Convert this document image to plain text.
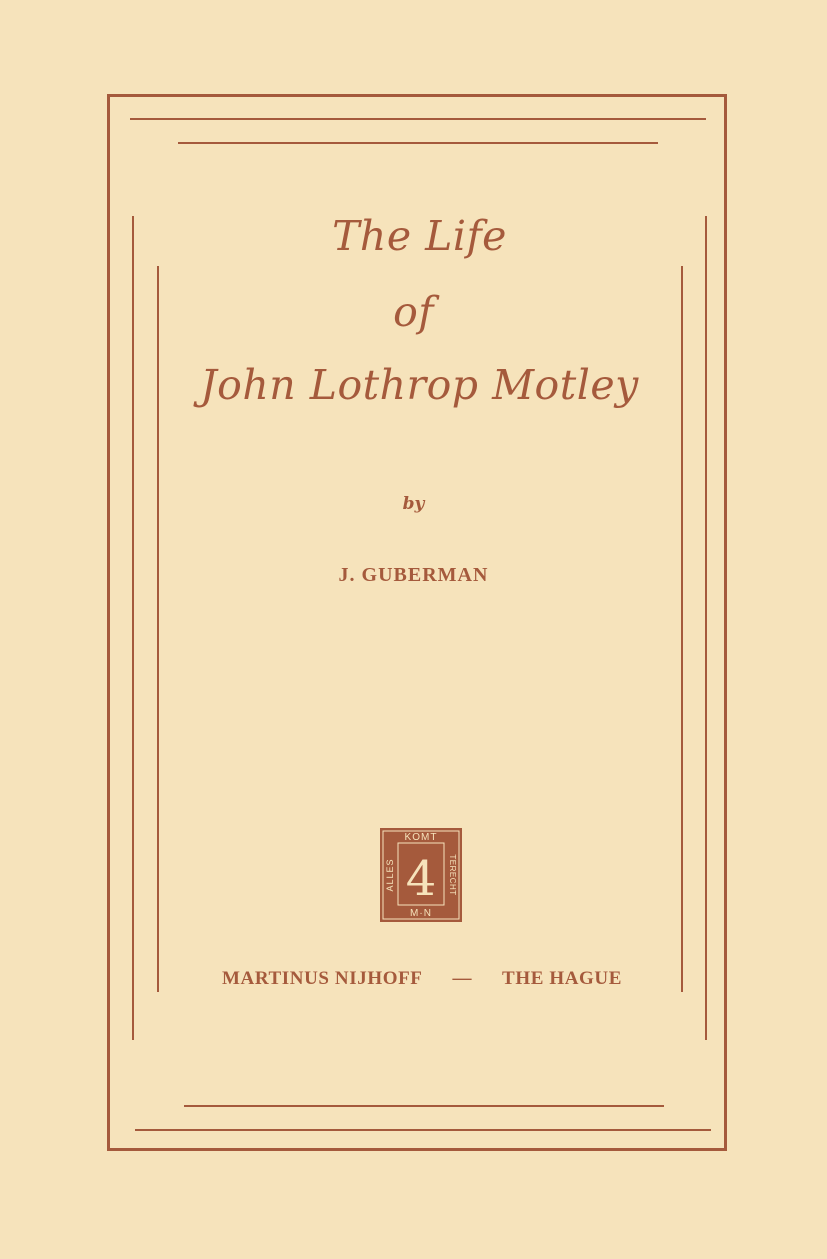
The Life
of
John Lothrop Motley
by
J. GUBERMAN
KOMT
M·N
ALLES	TERECHT
4
MARTINUS NIJHOFF — THE HAGUE
